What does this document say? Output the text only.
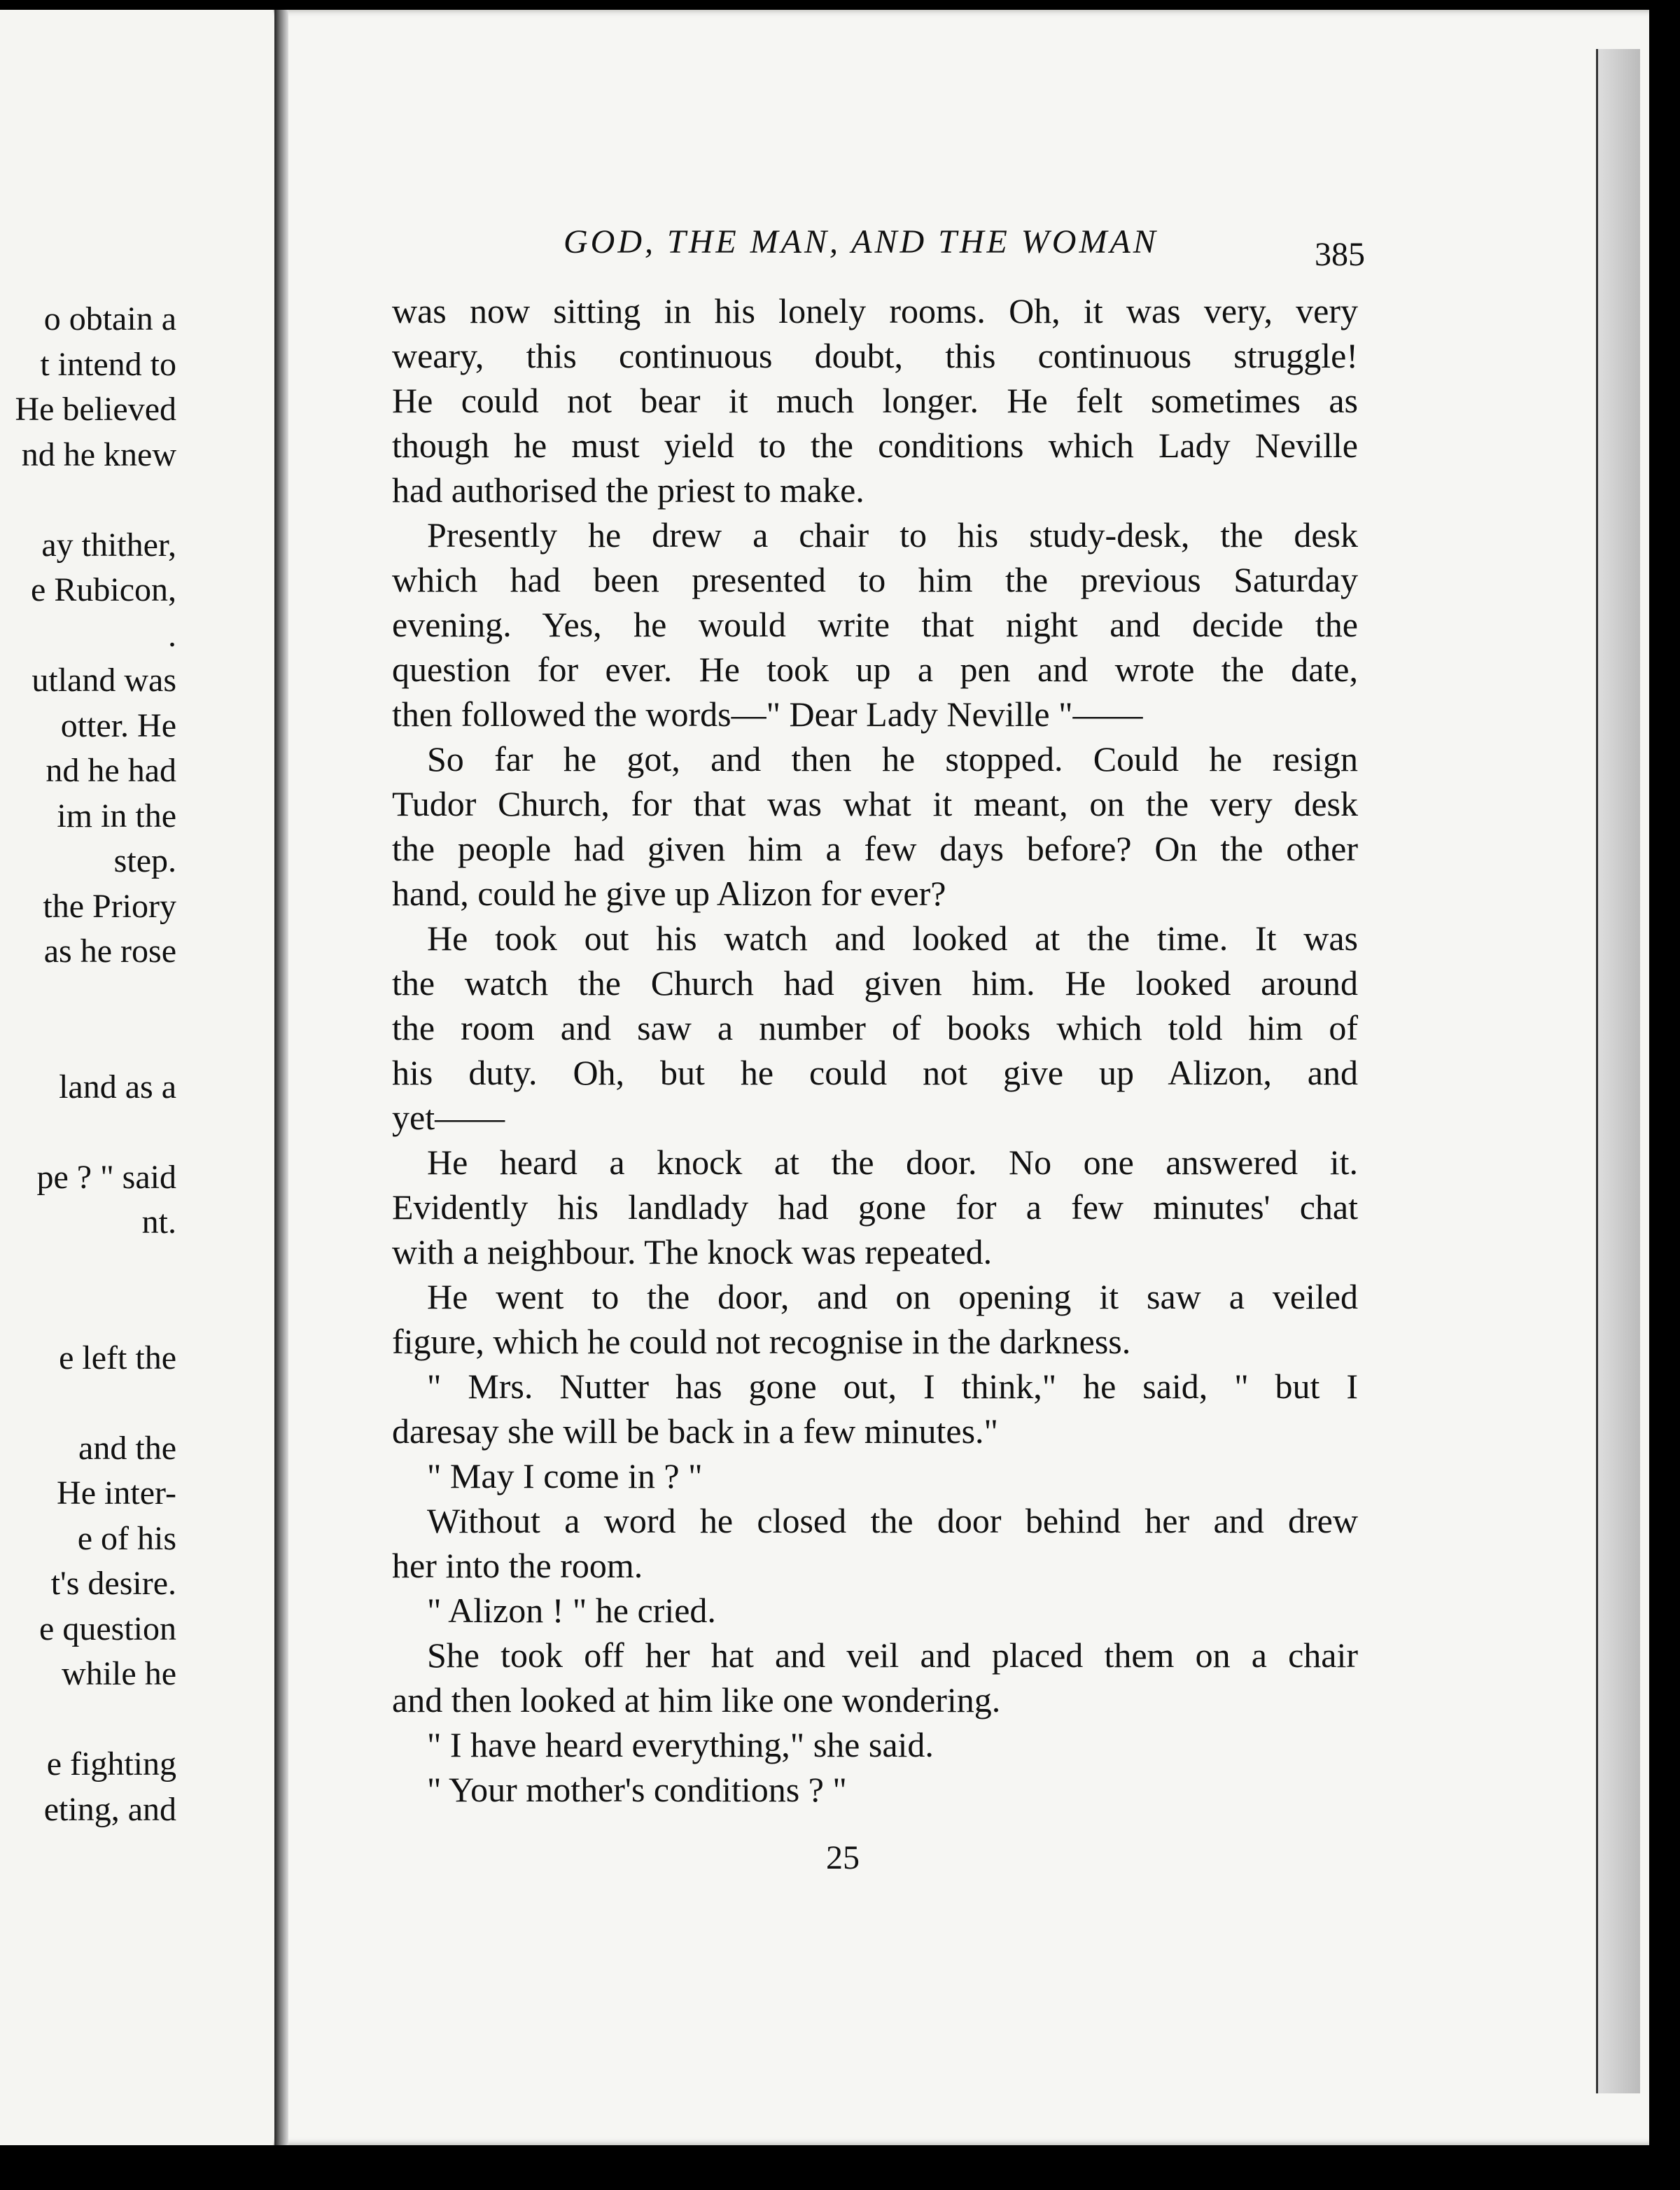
o obtain a
t intend to
He believed
nd he knew
ay thither,
e Rubicon,
.
utland was
otter. He
nd he had
im in the
step.
the Priory
as he rose
land as a
pe ? " said
nt.
e left the
and the
He inter-
e of his
t's desire.
e question
while he
e fighting
eting, and
GOD, THE MAN, AND THE WOMAN	385
was now sitting in his lonely rooms. Oh, it was very, very
weary, this continuous doubt, this continuous struggle!
He could not bear it much longer. He felt sometimes as
though he must yield to the conditions which Lady Neville
had authorised the priest to make.
Presently he drew a chair to his study-desk, the desk
which had been presented to him the previous Saturday
evening. Yes, he would write that night and decide the
question for ever. He took up a pen and wrote the date,
then followed the words—" Dear Lady Neville "——
So far he got, and then he stopped. Could he resign
Tudor Church, for that was what it meant, on the very desk
the people had given him a few days before? On the other
hand, could he give up Alizon for ever?
He took out his watch and looked at the time. It was
the watch the Church had given him. He looked around
the room and saw a number of books which told him of
his duty. Oh, but he could not give up Alizon, and
yet——
He heard a knock at the door. No one answered it.
Evidently his landlady had gone for a few minutes' chat
with a neighbour. The knock was repeated.
He went to the door, and on opening it saw a veiled
figure, which he could not recognise in the darkness.
" Mrs. Nutter has gone out, I think," he said, " but I
daresay she will be back in a few minutes."
" May I come in ? "
Without a word he closed the door behind her and drew
her into the room.
" Alizon ! " he cried.
She took off her hat and veil and placed them on a chair
and then looked at him like one wondering.
" I have heard everything," she said.
" Your mother's conditions ? "
25
